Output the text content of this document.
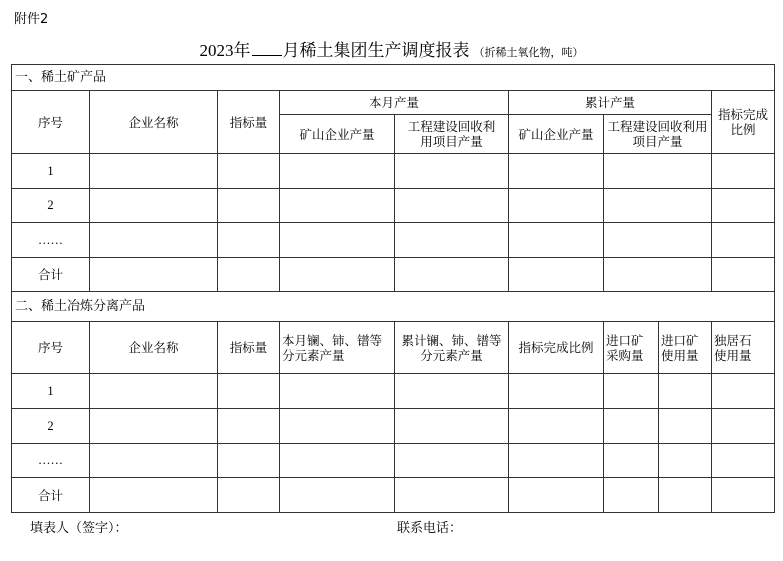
附件2
2023年 月稀土集团生产调度报表 （折稀土氧化物，吨）
一、稀土矿产品							
序号	企业名称	指标量	本月产量		累计产量		指标完成比例
			矿山企业产量	工程建设回收利用项目产量	矿山企业产量	工程建设回收利用项目产量	
1							
2							
……							
合计							
二、稀土冶炼分离产品								
序号	企业名称	指标量	本月镧、铈、镨等分元素产量	累计镧、铈、镨等分元素产量	指标完成比例	进口矿采购量	进口矿使用量	独居石使用量
1								
2								
……								
合计								
填表人（签字）：	联系电话：
